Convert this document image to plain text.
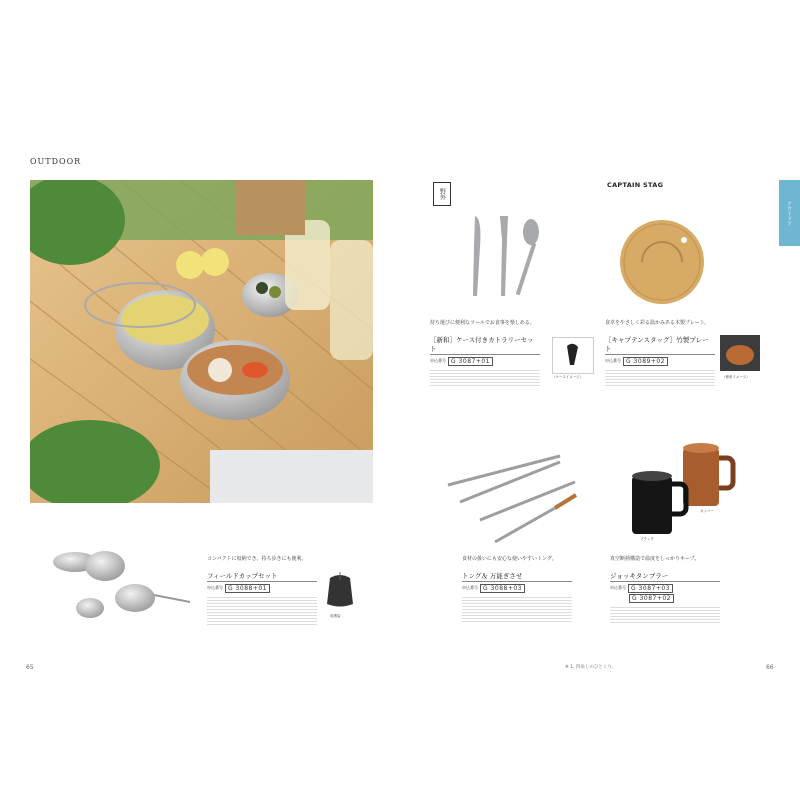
OUTDOOR
コンパクトに収納でき、持ち歩きにも便利。
フィールドカップセット
申込番号 G 3088+01
収納袋
65
アウトドア
野外
CAPTAIN STAG
持ち運びに便利なツールでお食事を楽しめる。
［新和］ケース付きカトラリーセット
申込番号 G 3087+01
（ケースイメージ）
食卓をやさしく彩る温かみある木製プレート。
［キャプテンスタッグ］竹製プレート
申込番号 G 3089+02
（使用イメージ）
食材の扱いにも安心な使いやすいトング。
トング＆ 万能ぎさせ
申込番号 G 3088+03
ブラック
カッパー
真空断熱構造で温度をしっかりキープ。
ジョッキタンブラー
申込番号 G 3087+03
G 3087+02
※ 1. 四角しのひとくり。	66
